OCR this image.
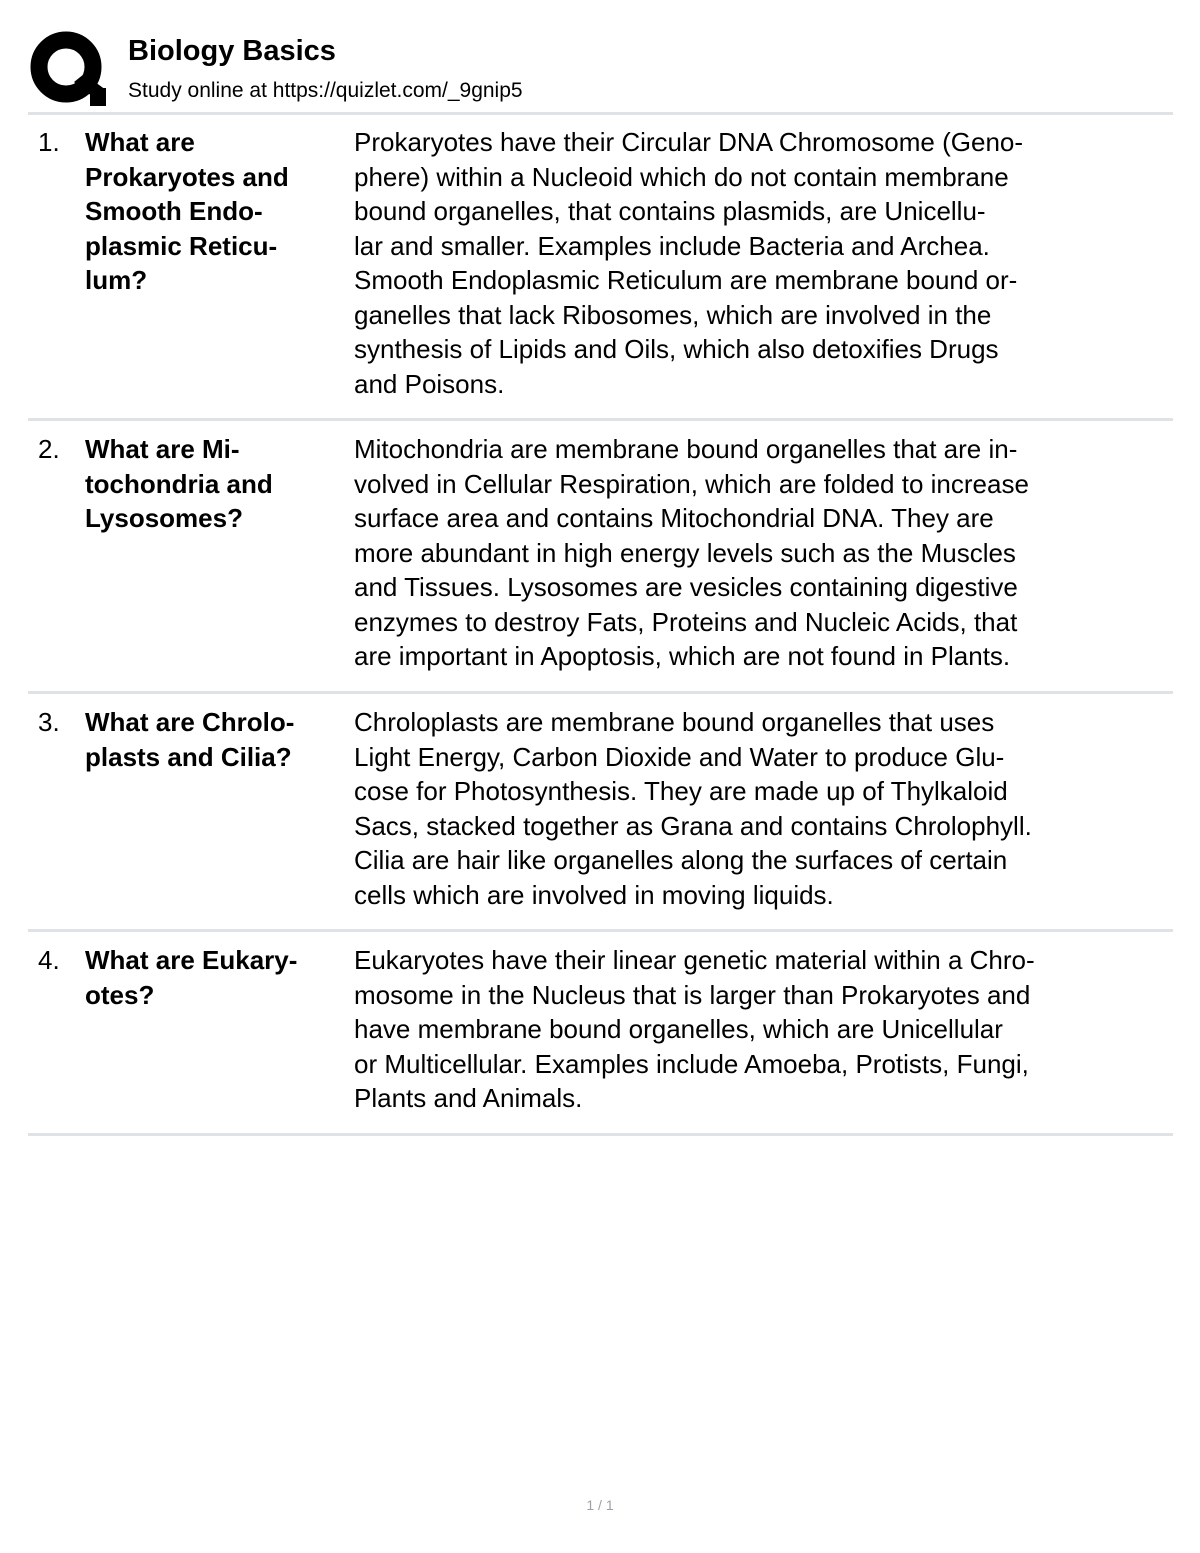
Biology Basics
Study online at https://quizlet.com/_9gnip5
1. What are
Prokaryotes and
Smooth Endo-
plasmic Reticu-
lum?
Prokaryotes have their Circular DNA Chromosome (Geno-
phere) within a Nucleoid which do not contain membrane
bound organelles, that contains plasmids, are Unicellu-
lar and smaller. Examples include Bacteria and Archea.
Smooth Endoplasmic Reticulum are membrane bound or-
ganelles that lack Ribosomes, which are involved in the
synthesis of Lipids and Oils, which also detoxifies Drugs
and Poisons.
2. What are Mi-
tochondria and
Lysosomes?
Mitochondria are membrane bound organelles that are in-
volved in Cellular Respiration, which are folded to increase
surface area and contains Mitochondrial DNA. They are
more abundant in high energy levels such as the Muscles
and Tissues. Lysosomes are vesicles containing digestive
enzymes to destroy Fats, Proteins and Nucleic Acids, that
are important in Apoptosis, which are not found in Plants.
3. What are Chrolo-
plasts and Cilia?
Chroloplasts are membrane bound organelles that uses
Light Energy, Carbon Dioxide and Water to produce Glu-
cose for Photosynthesis. They are made up of Thylkaloid
Sacs, stacked together as Grana and contains Chrolophyll.
Cilia are hair like organelles along the surfaces of certain
cells which are involved in moving liquids.
4. What are Eukary-
otes?
Eukaryotes have their linear genetic material within a Chro-
mosome in the Nucleus that is larger than Prokaryotes and
have membrane bound organelles, which are Unicellular
or Multicellular. Examples include Amoeba, Protists, Fungi,
Plants and Animals.
1 / 1
